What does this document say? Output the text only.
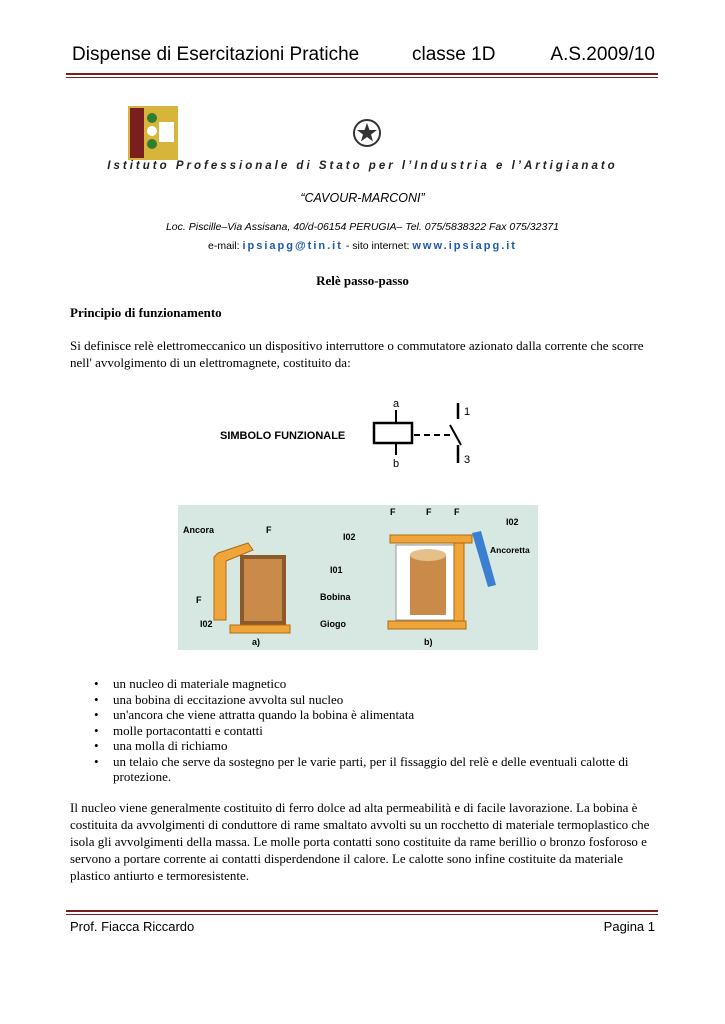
Dispense di Esercitazioni Pratiche	classe 1D	A.S.2009/10
Istituto Professionale di Stato per l’Industria e l’Artigianato
“CAVOUR-MARCONI”
Loc. Piscille–Via Assisana, 40/d-06154 PERUGIA– Tel. 075/5838322 Fax 075/32371
e-mail: ipsiapg@tin.it - sito internet: www.ipsiapg.it
Relè passo-passo
Principio di funzionamento
Si definisce relè elettromeccanico un dispositivo interruttore o commutatore azionato dalla corrente che scorre nell' avvolgimento di un elettromagnete, costituito da:
SIMBOLO FUNZIONALE
a
b
1
3
Ancora	F
F
I02
I01
Bobina
Giogo
a)
F	F	F
I02
I02
Ancoretta
b)
• un nucleo di materiale magnetico
• una bobina di eccitazione avvolta sul nucleo
• un'ancora che viene attratta quando la bobina è alimentata
• molle portacontatti e contatti
• una molla di richiamo
• un telaio che serve da sostegno per le varie parti, per il fissaggio del relè e delle eventuali calotte di protezione.
Il nucleo viene generalmente costituito di ferro dolce ad alta permeabilità e di facile lavorazione. La bobina è costituita da avvolgimenti di conduttore di rame smaltato avvolti su un rocchetto di materiale termoplastico che isola gli avvolgimenti della massa. Le molle porta contatti sono costituite da rame berillio o bronzo fosforoso e servono a portare corrente ai contatti disperdendone il calore. Le calotte sono infine costituite da materiale plastico antiurto e termoresistente.
Prof. Fiacca Riccardo	Pagina 1
